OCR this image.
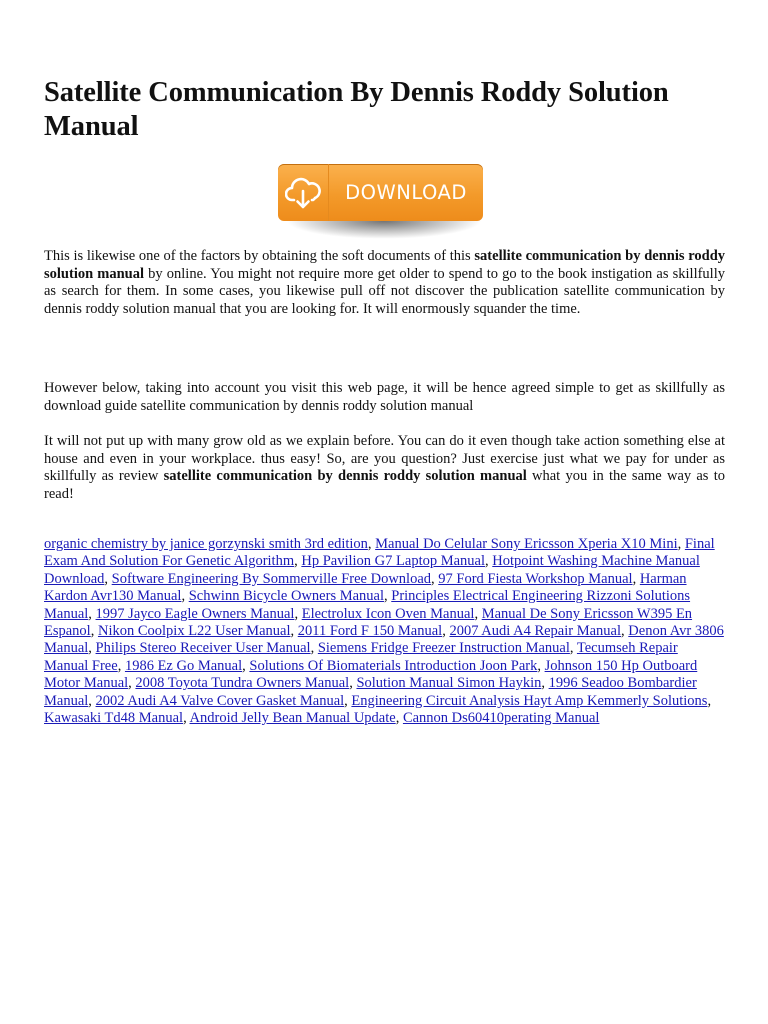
Satellite Communication By Dennis Roddy Solution Manual
DOWNLOAD

This is likewise one of the factors by obtaining the soft documents of this satellite communication by dennis roddy solution manual by online. You might not require more get older to spend to go to the book instigation as skillfully as search for them. In some cases, you likewise pull off not discover the publication satellite communication by dennis roddy solution manual that you are looking for. It will enormously squander the time.

However below, taking into account you visit this web page, it will be hence agreed simple to get as skillfully as download guide satellite communication by dennis roddy solution manual

It will not put up with many grow old as we explain before. You can do it even though take action something else at house and even in your workplace. thus easy! So, are you question? Just exercise just what we pay for under as skillfully as review satellite communication by dennis roddy solution manual what you in the same way as to read!

organic chemistry by janice gorzynski smith 3rd edition, Manual Do Celular Sony Ericsson Xperia X10 Mini, Final Exam And Solution For Genetic Algorithm, Hp Pavilion G7 Laptop Manual, Hotpoint Washing Machine Manual Download, Software Engineering By Sommerville Free Download, 97 Ford Fiesta Workshop Manual, Harman Kardon Avr130 Manual, Schwinn Bicycle Owners Manual, Principles Electrical Engineering Rizzoni Solutions Manual, 1997 Jayco Eagle Owners Manual, Electrolux Icon Oven Manual, Manual De Sony Ericsson W395 En Espanol, Nikon Coolpix L22 User Manual, 2011 Ford F 150 Manual, 2007 Audi A4 Repair Manual, Denon Avr 3806 Manual, Philips Stereo Receiver User Manual, Siemens Fridge Freezer Instruction Manual, Tecumseh Repair Manual Free, 1986 Ez Go Manual, Solutions Of Biomaterials Introduction Joon Park, Johnson 150 Hp Outboard Motor Manual, 2008 Toyota Tundra Owners Manual, Solution Manual Simon Haykin, 1996 Seadoo Bombardier Manual, 2002 Audi A4 Valve Cover Gasket Manual, Engineering Circuit Analysis Hayt Amp Kemmerly Solutions, Kawasaki Td48 Manual, Android Jelly Bean Manual Update, Cannon Ds60410perating Manual
